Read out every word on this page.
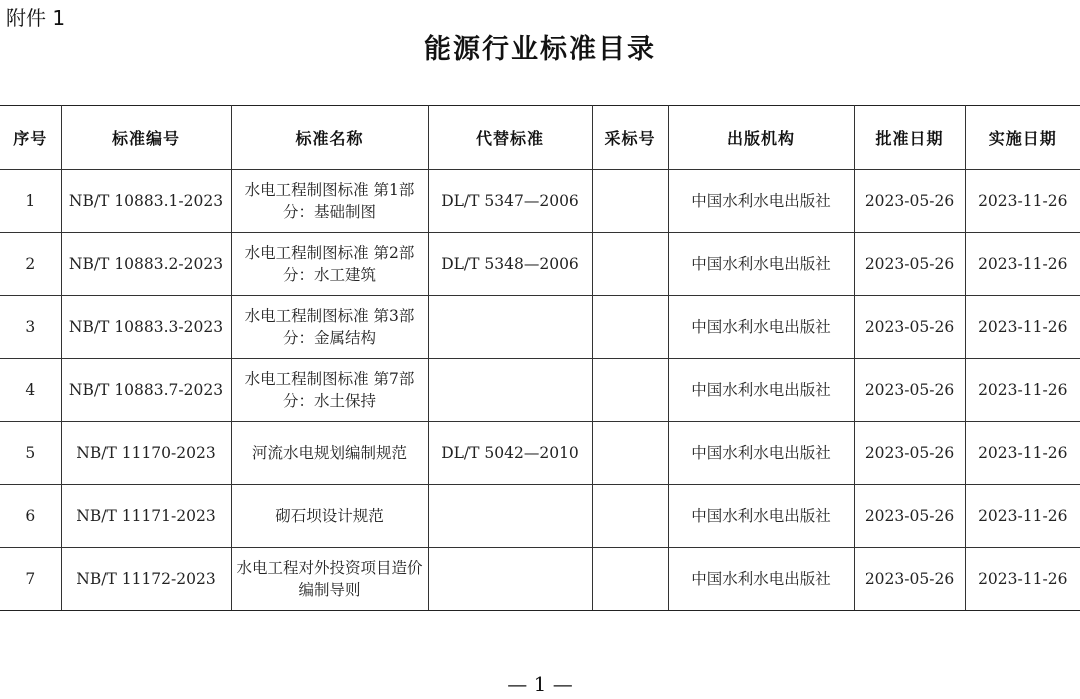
附件 1
能源行业标准目录
序号	标准编号	标准名称	代替标准	采标号	出版机构	批准日期	实施日期
1	NB/T 10883.1-2023	水电工程制图标准 第1部分：基础制图	DL/T 5347—2006		中国水利水电出版社	2023-05-26	2023-11-26
2	NB/T 10883.2-2023	水电工程制图标准 第2部分：水工建筑	DL/T 5348—2006		中国水利水电出版社	2023-05-26	2023-11-26
3	NB/T 10883.3-2023	水电工程制图标准 第3部分：金属结构			中国水利水电出版社	2023-05-26	2023-11-26
4	NB/T 10883.7-2023	水电工程制图标准 第7部分：水土保持			中国水利水电出版社	2023-05-26	2023-11-26
5	NB/T 11170-2023	河流水电规划编制规范	DL/T 5042—2010		中国水利水电出版社	2023-05-26	2023-11-26
6	NB/T 11171-2023	砌石坝设计规范			中国水利水电出版社	2023-05-26	2023-11-26
7	NB/T 11172-2023	水电工程对外投资项目造价编制导则			中国水利水电出版社	2023-05-26	2023-11-26
— 1 —
